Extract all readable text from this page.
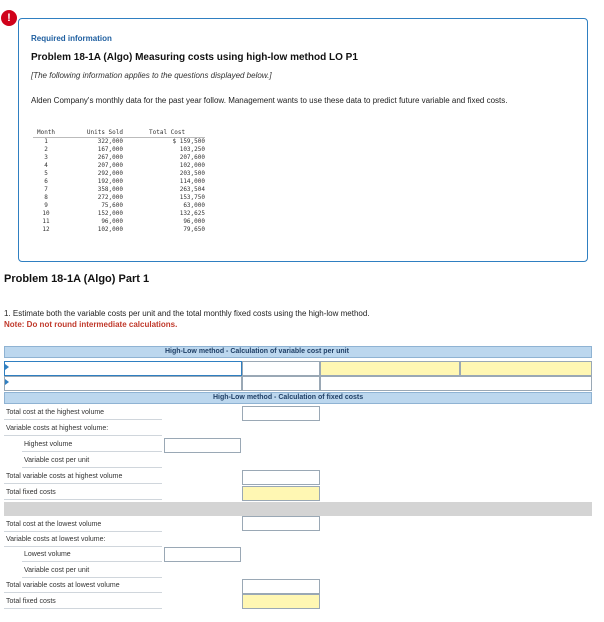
!
Required information
Problem 18-1A (Algo) Measuring costs using high-low method LO P1
[The following information applies to the questions displayed below.]
Alden Company's monthly data for the past year follow. Management wants to use these data to predict future variable and fixed costs.
Month	Units Sold		Total Cost
1	322,000		$ 159,500
2	167,000		103,250
3	267,000		207,600
4	207,000		102,000
5	292,000		203,500
6	192,000		114,000
7	358,000		263,504
8	272,000		153,750
9	75,600		63,000
10	152,000		132,625
11	96,000		96,000
12	102,000		79,650
Problem 18-1A (Algo) Part 1
1. Estimate both the variable costs per unit and the total monthly fixed costs using the high-low method.
Note: Do not round intermediate calculations.
High-Low method - Calculation of variable cost per unit
High-Low method - Calculation of fixed costs
Total cost at the highest volume
Variable costs at highest volume:
Highest volume
Variable cost per unit
Total variable costs at highest volume
Total fixed costs
Total cost at the lowest volume
Variable costs at lowest volume:
Lowest volume
Variable cost per unit
Total variable costs at lowest volume
Total fixed costs
